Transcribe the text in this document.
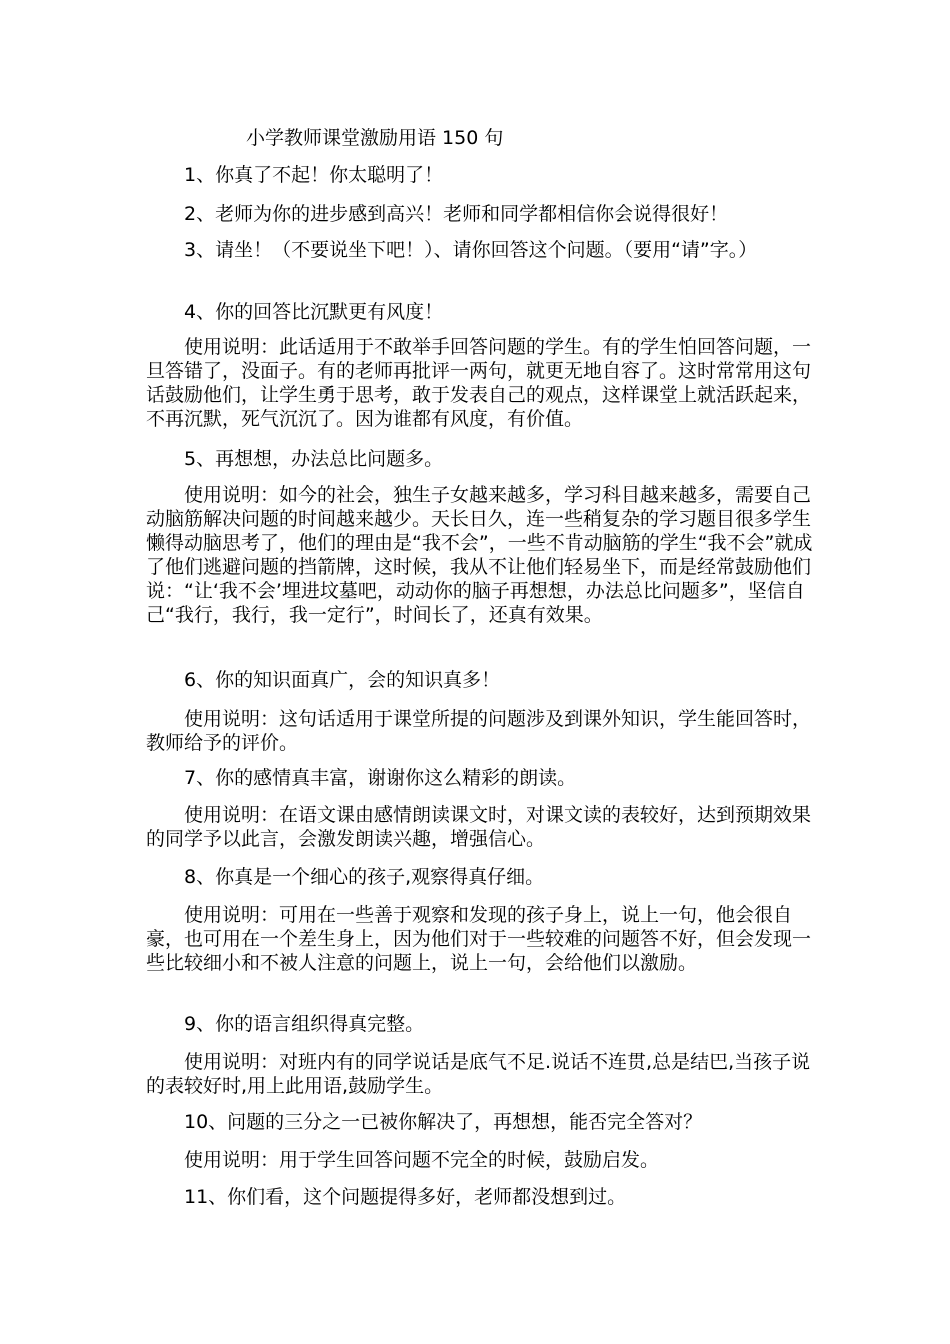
小学教师课堂激励用语 150 句

1、你真了不起！你太聪明了！

2、老师为你的进步感到高兴！老师和同学都相信你会说得很好！

3、请坐！（不要说坐下吧！）、请你回答这个问题。（要用“请”字。）

4、你的回答比沉默更有风度！

使用说明：此话适用于不敢举手回答问题的学生。有的学生怕回答问题，一旦答错了，没面子。有的老师再批评一两句，就更无地自容了。这时常常用这句话鼓励他们，让学生勇于思考，敢于发表自己的观点，这样课堂上就活跃起来，不再沉默，死气沉沉了。因为谁都有风度，有价值。

5、再想想，办法总比问题多。

使用说明：如今的社会，独生子女越来越多，学习科目越来越多，需要自己动脑筋解决问题的时间越来越少。天长日久，连一些稍复杂的学习题目很多学生懒得动脑思考了，他们的理由是“我不会”，一些不肯动脑筋的学生“我不会”就成了他们逃避问题的挡箭牌，这时候，我从不让他们轻易坐下，而是经常鼓励他们说：“让‘我不会’埋进坟墓吧，动动你的脑子再想想，办法总比问题多”，坚信自己“我行，我行，我一定行”，时间长了，还真有效果。

6、你的知识面真广，会的知识真多！

使用说明：这句话适用于课堂所提的问题涉及到课外知识，学生能回答时，教师给予的评价。

7、你的感情真丰富，谢谢你这么精彩的朗读。

使用说明：在语文课由感情朗读课文时，对课文读的表较好，达到预期效果的同学予以此言，会激发朗读兴趣，增强信心。

8、你真是一个细心的孩子,观察得真仔细。

使用说明：可用在一些善于观察和发现的孩子身上，说上一句，他会很自豪，也可用在一个差生身上，因为他们对于一些较难的问题答不好，但会发现一些比较细小和不被人注意的问题上，说上一句，会给他们以激励。

9、你的语言组织得真完整。

使用说明：对班内有的同学说话是底气不足.说话不连贯,总是结巴,当孩子说的表较好时,用上此用语,鼓励学生。

10、问题的三分之一已被你解决了，再想想，能否完全答对？

使用说明：用于学生回答问题不完全的时候，鼓励启发。

11、你们看，这个问题提得多好，老师都没想到过。
